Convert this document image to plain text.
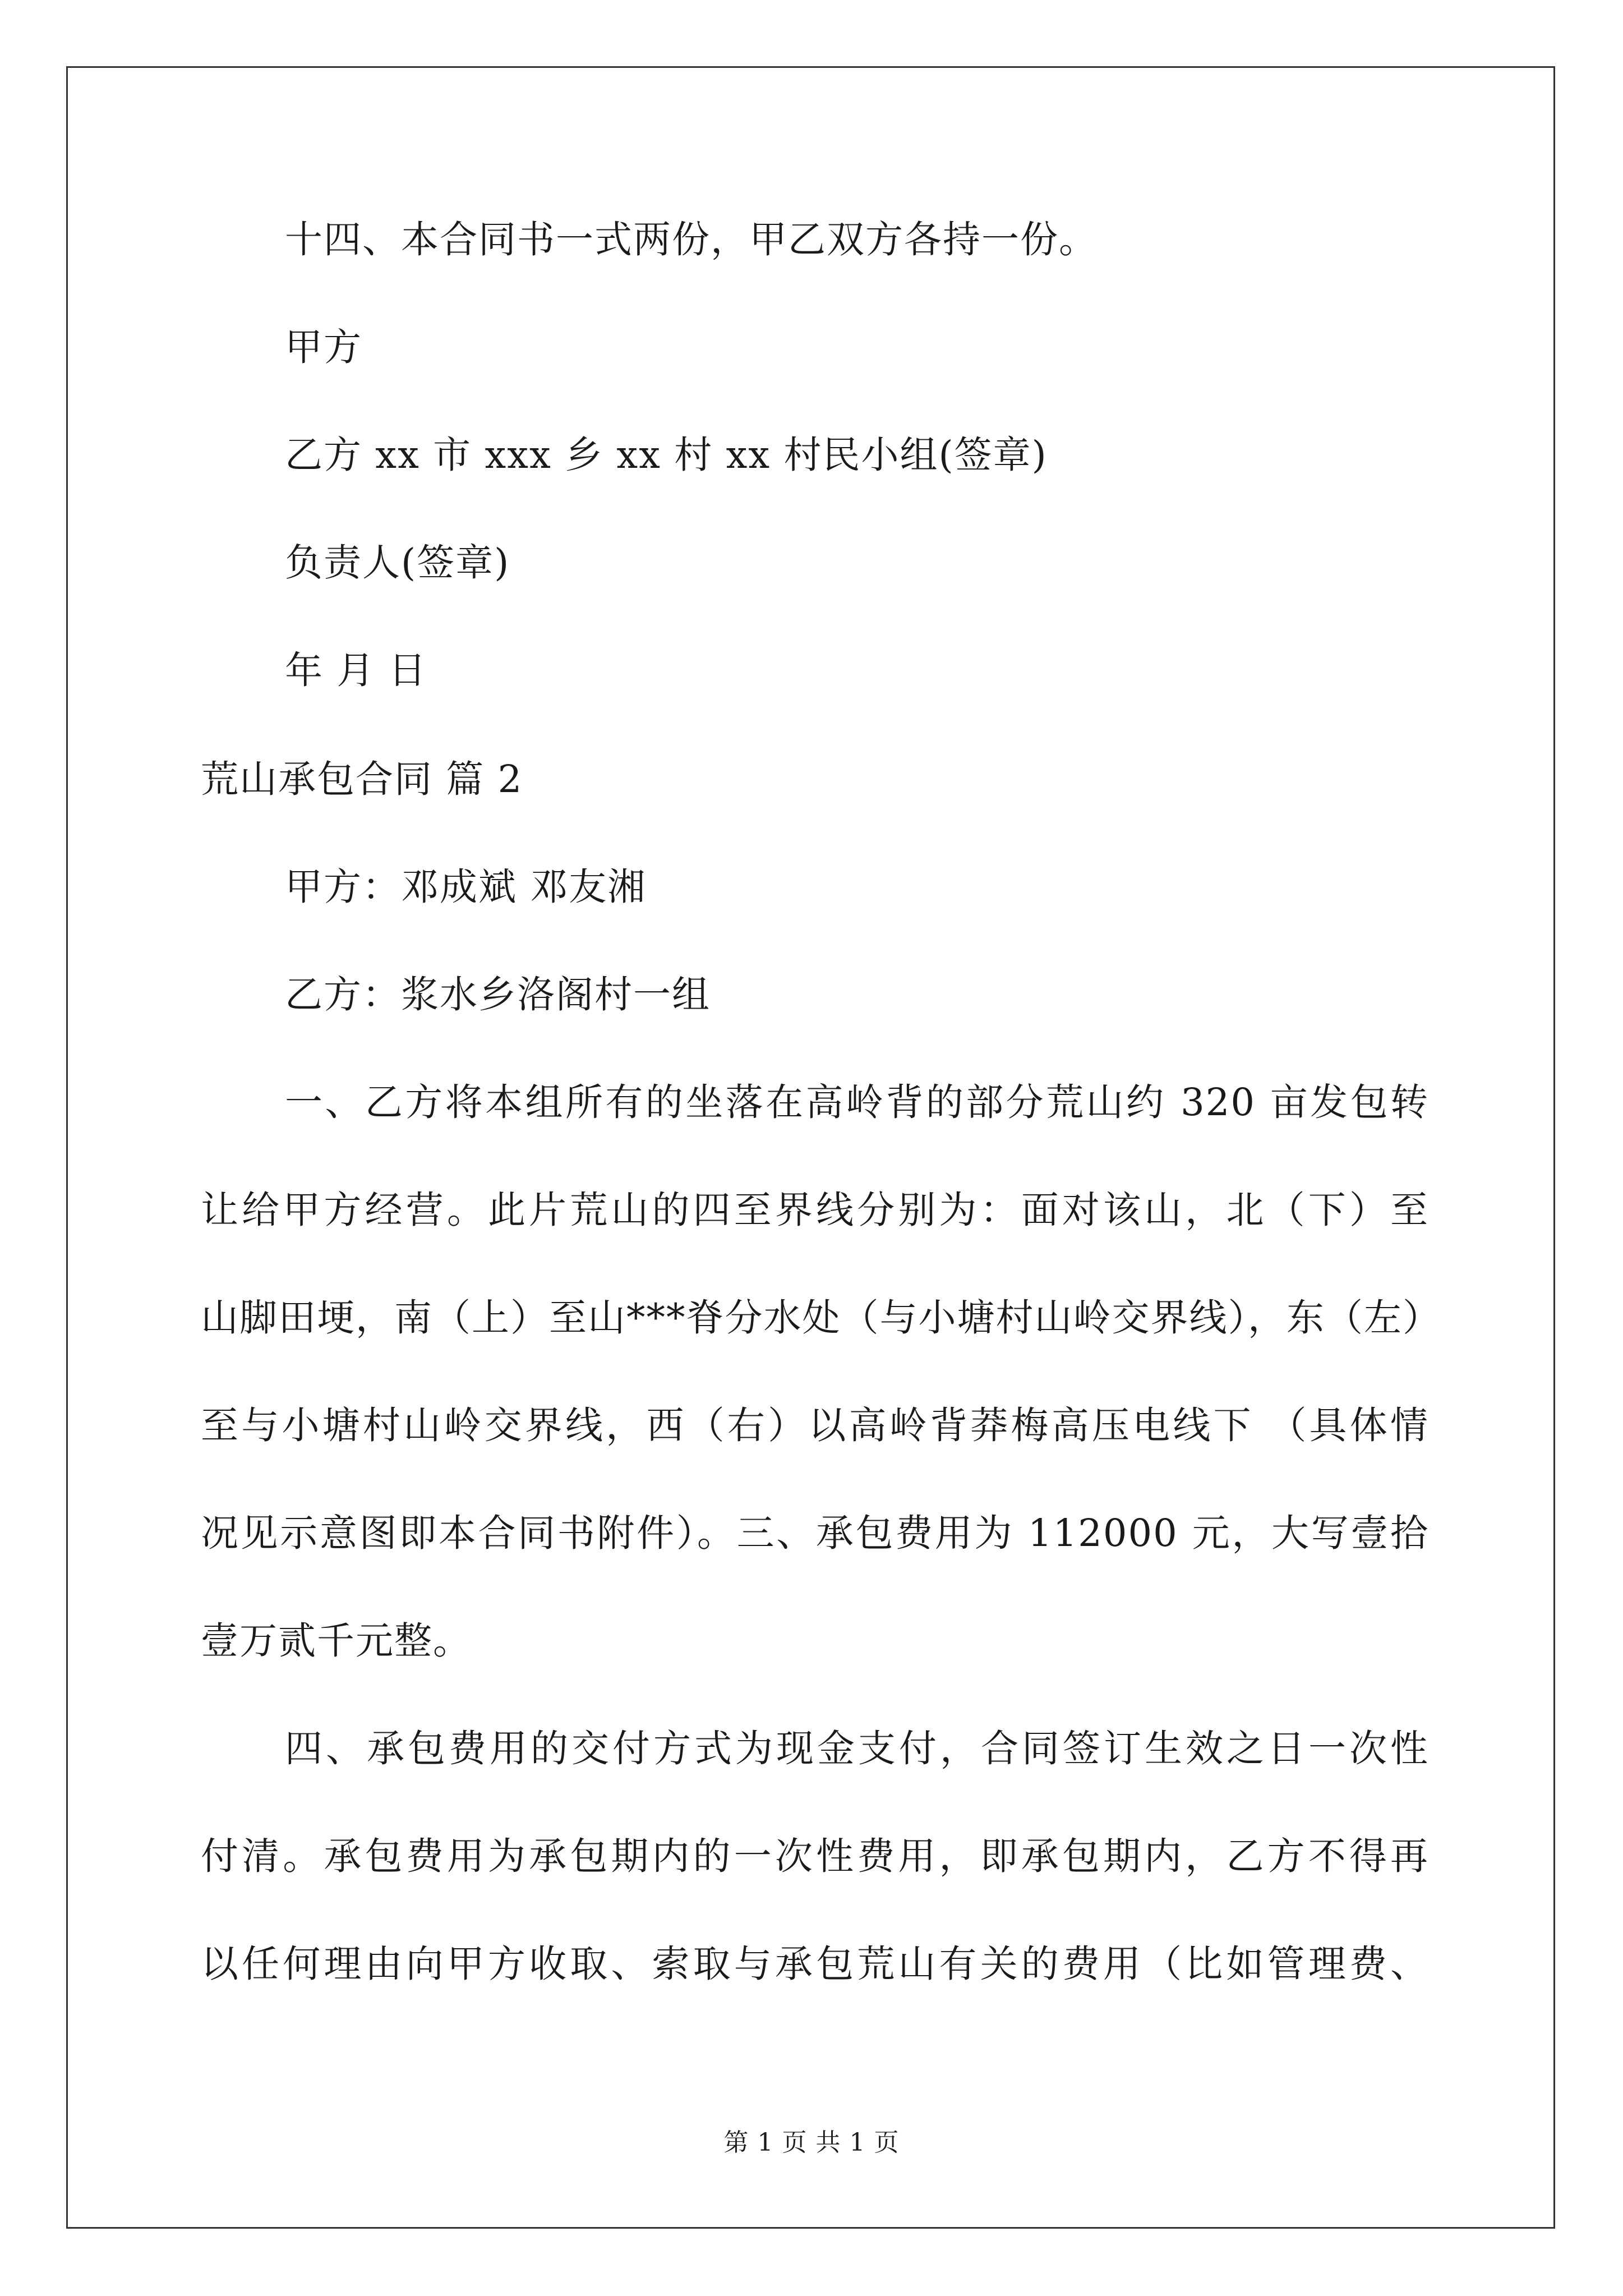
十四、本合同书一式两份，甲乙双方各持一份。

甲方

乙方 xx 市 xxx 乡 xx 村 xx 村民小组(签章)

负责人(签章)

年 月 日

荒山承包合同 篇 2

甲方：邓成斌 邓友湘

乙方：浆水乡洛阁村一组

一、乙方将本组所有的坐落在高岭背的部分荒山约 320 亩发包转

让给甲方经营。此片荒山的四至界线分别为：面对该山，北（下）至

山脚田埂，南（上）至山***脊分水处（与小塘村山岭交界线），东（左）

至与小塘村山岭交界线，西（右）以高岭背莽梅高压电线下 （具体情

况见示意图即本合同书附件）。三、承包费用为 112000 元，大写壹拾

壹万贰千元整。

四、承包费用的交付方式为现金支付，合同签订生效之日一次性

付清。承包费用为承包期内的一次性费用，即承包期内，乙方不得再

以任何理由向甲方收取、索取与承包荒山有关的费用（比如管理费、

第 1 页 共 1 页
